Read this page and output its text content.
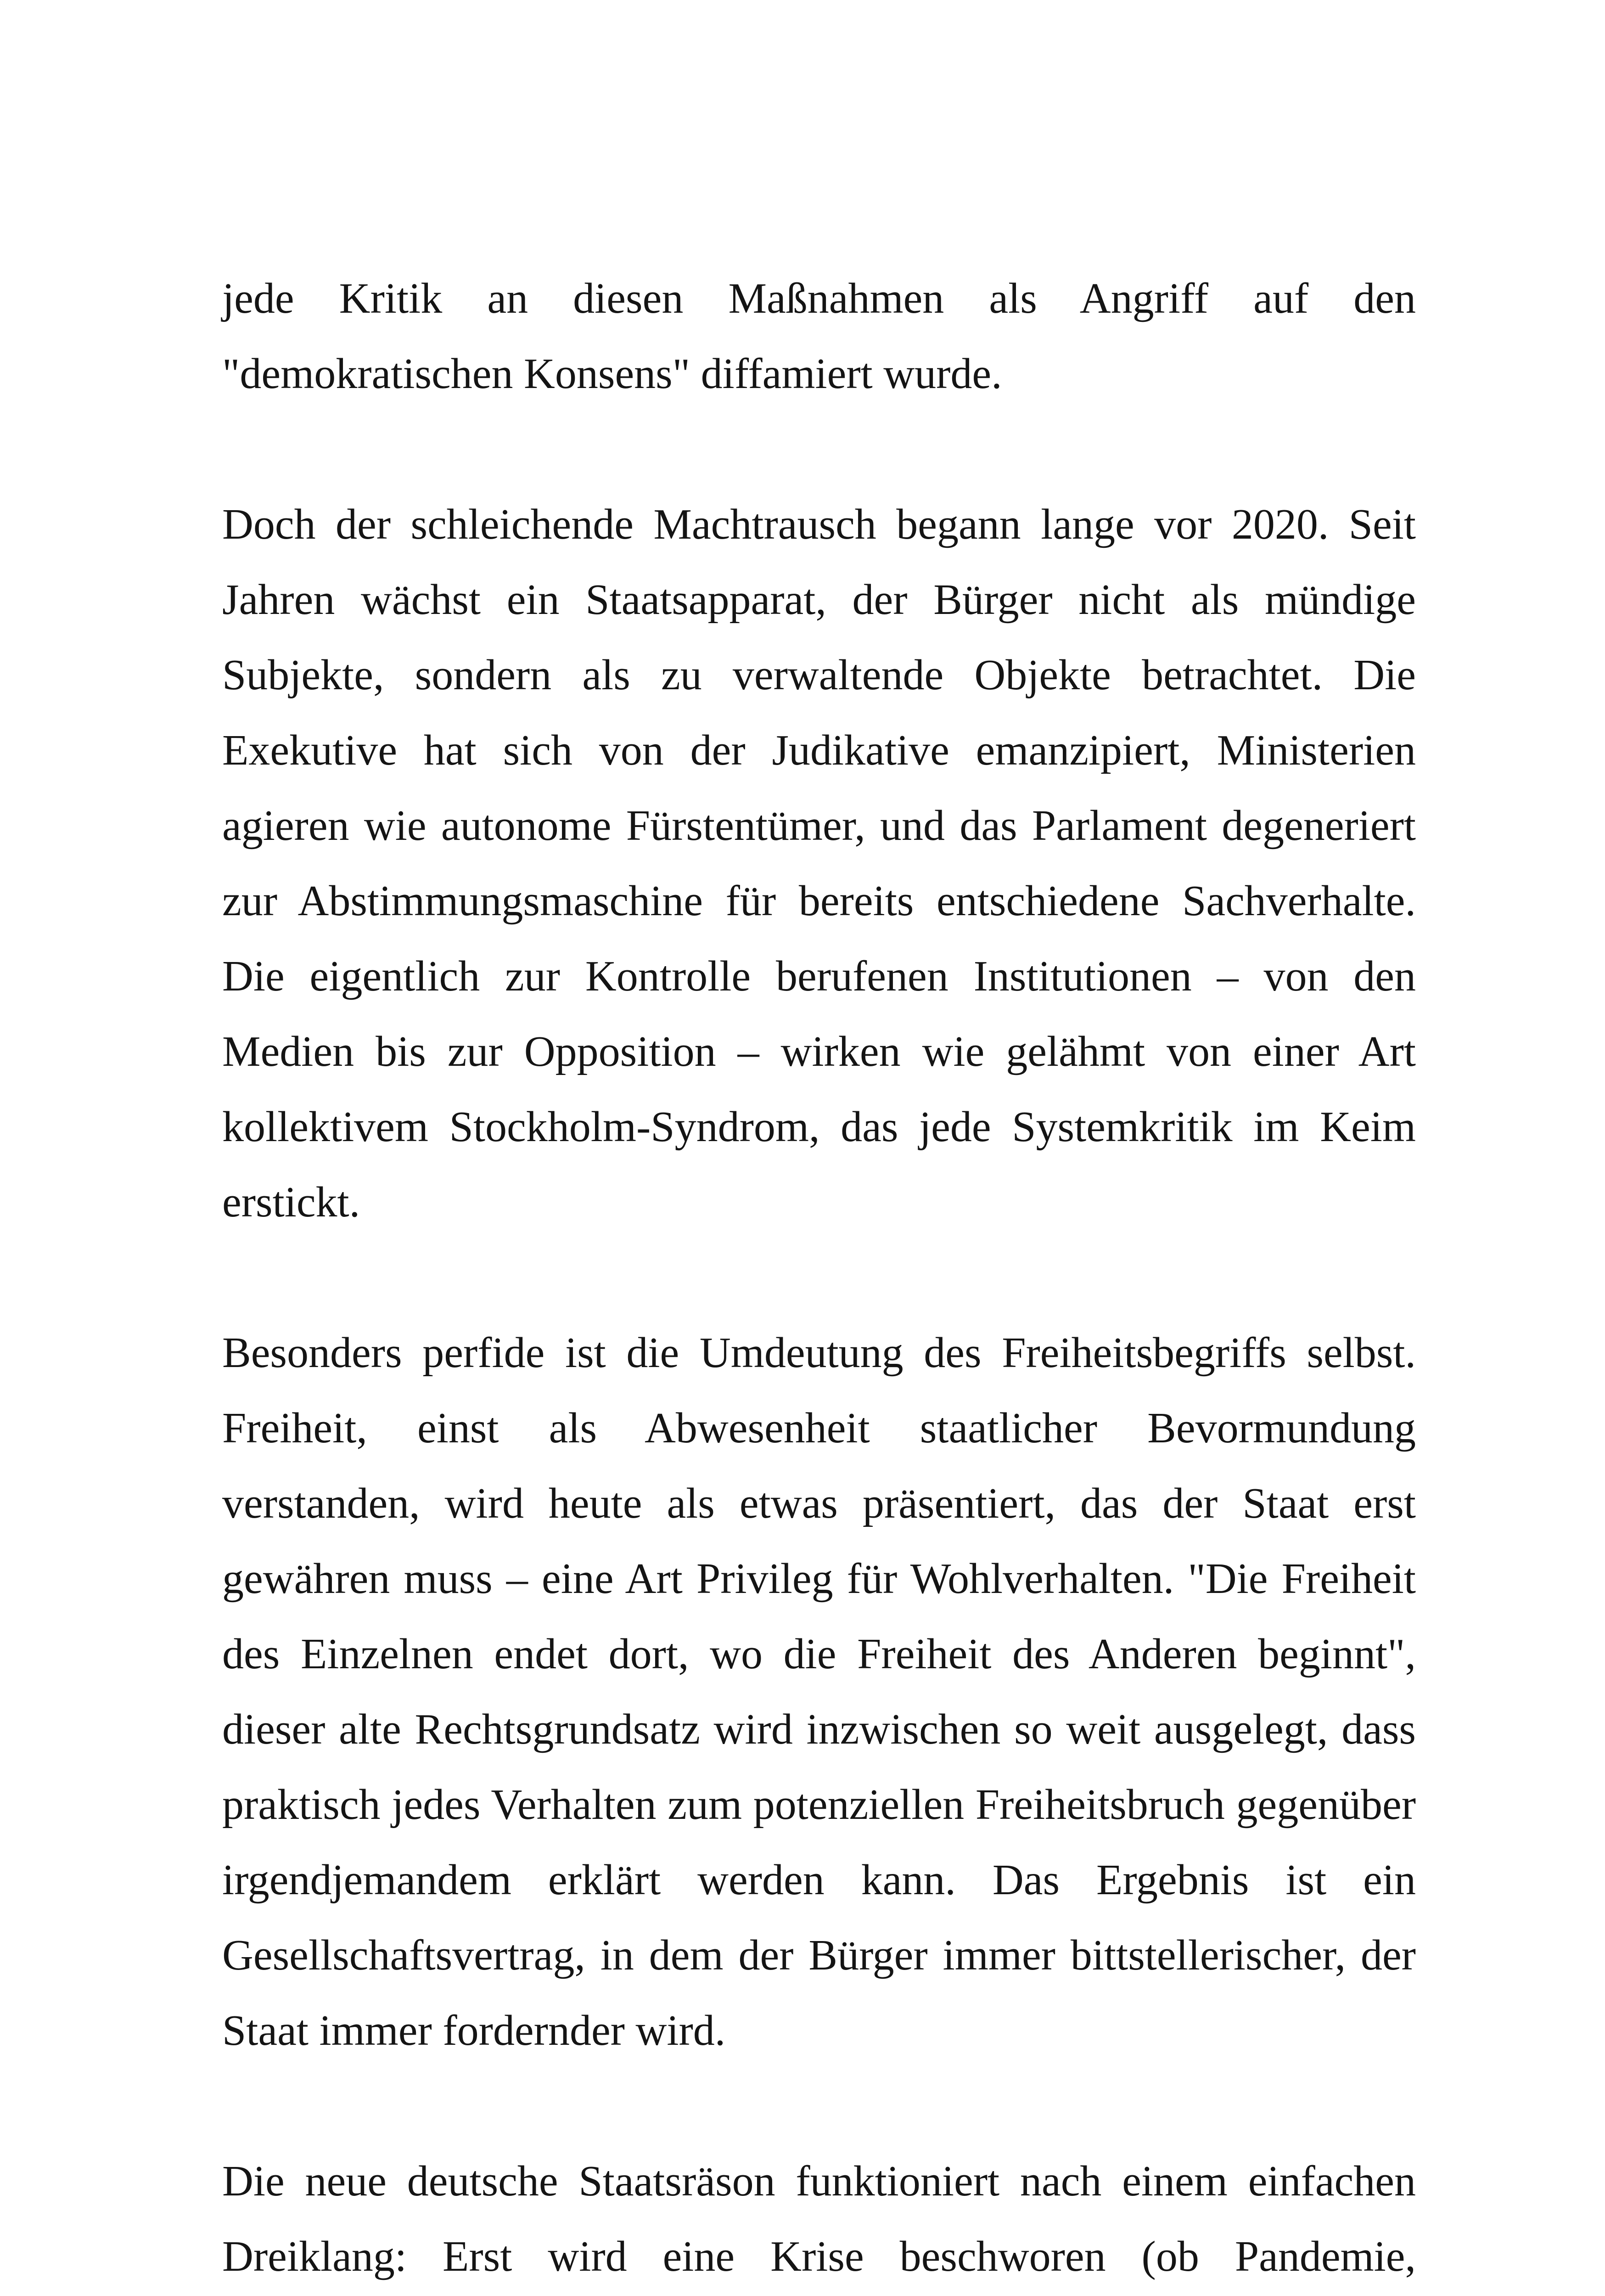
jede Kritik an diesen Maßnahmen als Angriff auf den "demokratischen Konsens" diffamiert wurde.

Doch der schleichende Machtrausch begann lange vor 2020. Seit Jahren wächst ein Staatsapparat, der Bürger nicht als mündige Subjekte, sondern als zu verwaltende Objekte betrachtet. Die Exekutive hat sich von der Judikative emanzipiert, Ministerien agieren wie autonome Fürstentümer, und das Parlament degeneriert zur Abstimmungsmaschine für bereits entschiedene Sachverhalte. Die eigentlich zur Kontrolle berufenen Institutionen – von den Medien bis zur Opposition – wirken wie gelähmt von einer Art kollektivem Stockholm-Syndrom, das jede Systemkritik im Keim erstickt.

Besonders perfide ist die Umdeutung des Freiheitsbegriffs selbst. Freiheit, einst als Abwesenheit staatlicher Bevormundung verstanden, wird heute als etwas präsentiert, das der Staat erst gewähren muss – eine Art Privileg für Wohlverhalten. "Die Freiheit des Einzelnen endet dort, wo die Freiheit des Anderen beginnt", dieser alte Rechtsgrundsatz wird inzwischen so weit ausgelegt, dass praktisch jedes Verhalten zum potenziellen Freiheitsbruch gegenüber irgendjemandem erklärt werden kann. Das Ergebnis ist ein Gesellschaftsvertrag, in dem der Bürger immer bittstellerischer, der Staat immer fordernder wird.

Die neue deutsche Staatsräson funktioniert nach einem einfachen Dreiklang: Erst wird eine Krise beschworen (ob Pandemie,
